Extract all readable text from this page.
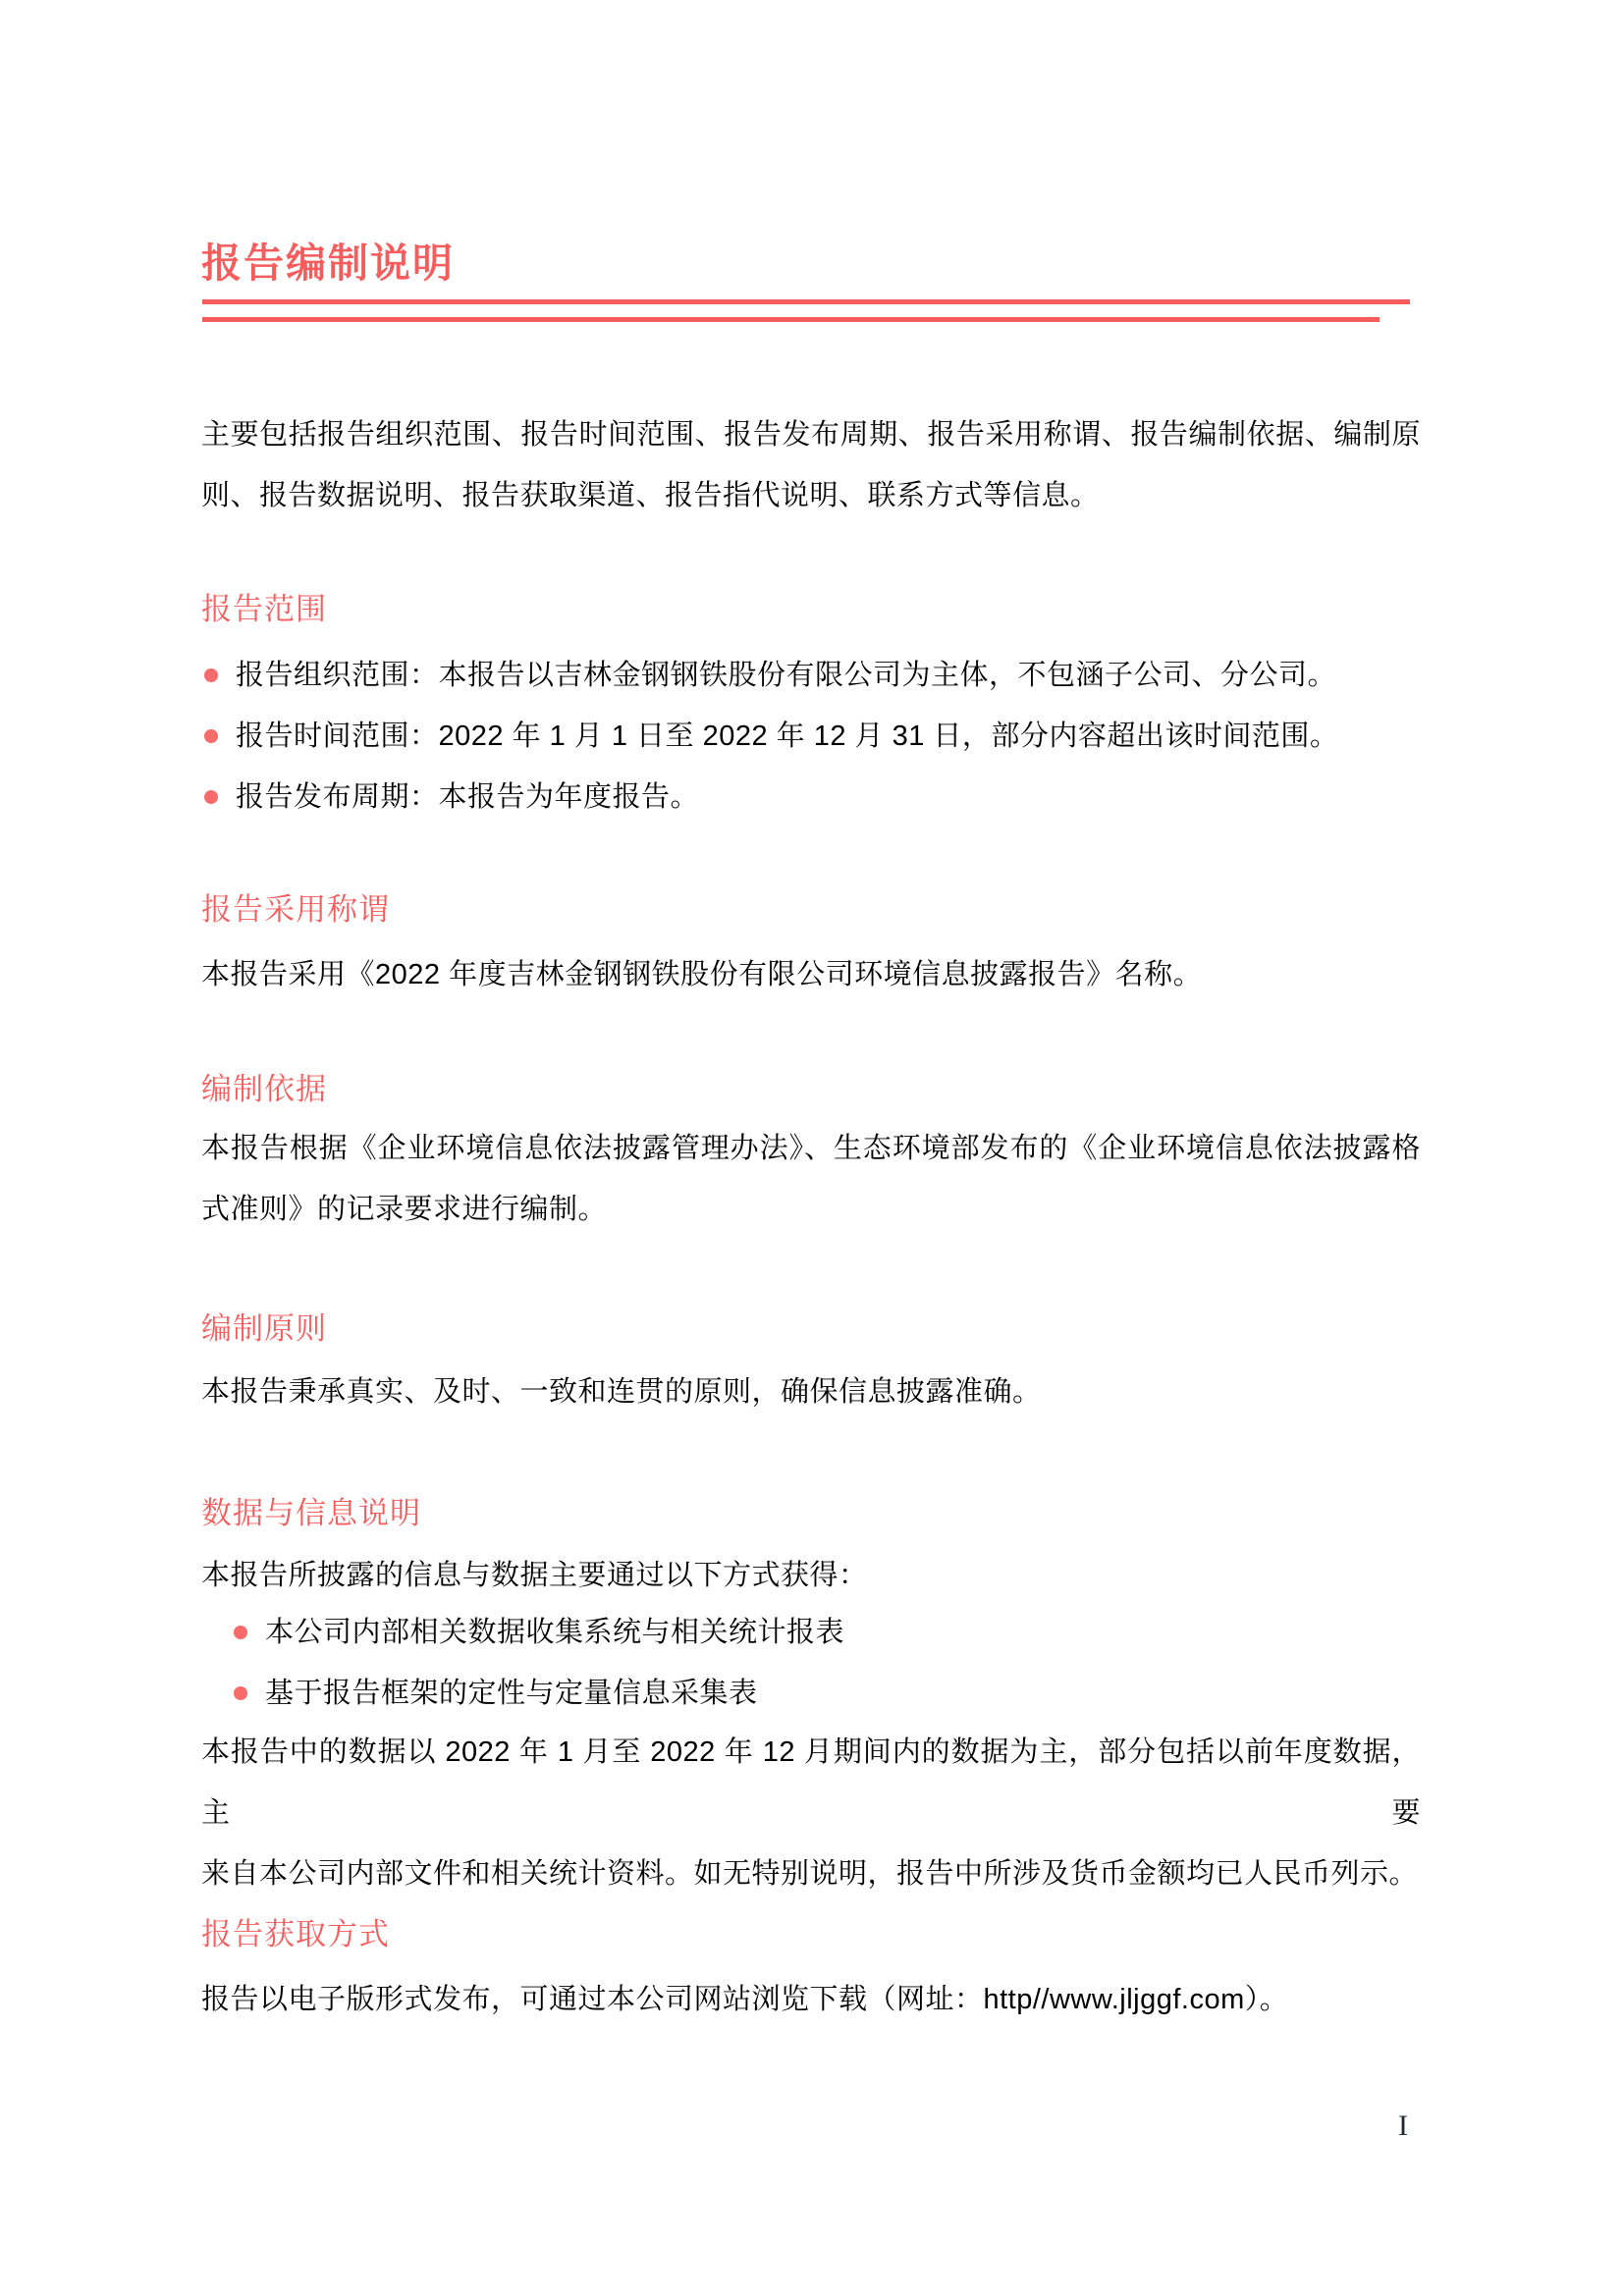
报告编制说明
主要包括报告组织范围、报告时间范围、报告发布周期、报告采用称谓、报告编制依据、编制原
则、报告数据说明、报告获取渠道、报告指代说明、联系方式等信息。
报告范围
报告组织范围：本报告以吉林金钢钢铁股份有限公司为主体，不包涵子公司、分公司。
报告时间范围：2022 年 1 月 1 日至 2022 年 12 月 31 日，部分内容超出该时间范围。
报告发布周期：本报告为年度报告。
报告采用称谓
本报告采用《2022 年度吉林金钢钢铁股份有限公司环境信息披露报告》名称。
编制依据
本报告根据《企业环境信息依法披露管理办法》、生态环境部发布的《企业环境信息依法披露格
式准则》的记录要求进行编制。
编制原则
本报告秉承真实、及时、一致和连贯的原则，确保信息披露准确。
数据与信息说明
本报告所披露的信息与数据主要通过以下方式获得：
本公司内部相关数据收集系统与相关统计报表
基于报告框架的定性与定量信息采集表
本报告中的数据以 2022 年 1 月至 2022 年 12 月期间内的数据为主，部分包括以前年度数据，主要
来自本公司内部文件和相关统计资料。如无特别说明，报告中所涉及货币金额均已人民币列示。
报告获取方式
报告以电子版形式发布，可通过本公司网站浏览下载（网址：http//www.jljggf.com）。
I
